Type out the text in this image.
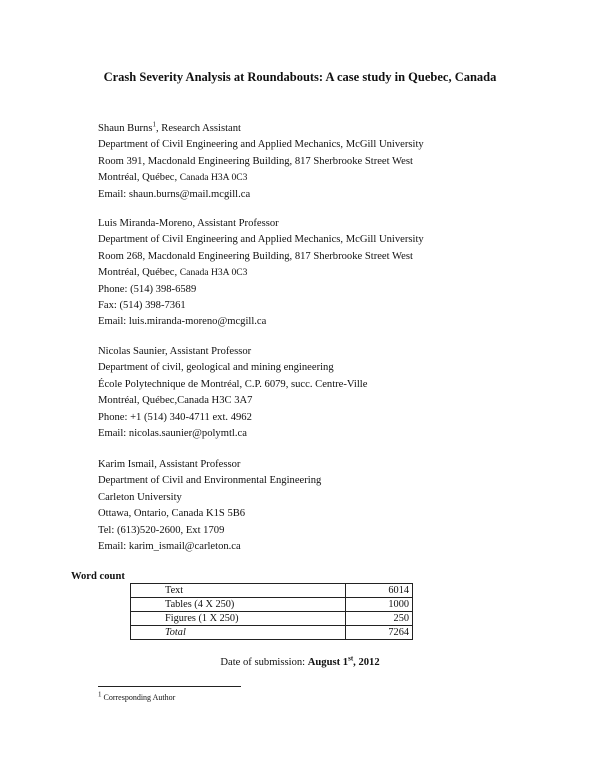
Crash Severity Analysis at Roundabouts: A case study in Quebec, Canada
Shaun Burns$^1$, Research Assistant
Department of Civil Engineering and Applied Mechanics, McGill University
Room 391, Macdonald Engineering Building, 817 Sherbrooke Street West
Montréal, Québec, Canada H3A 0C3
Email: shaun.burns@mail.mcgill.ca
Luis Miranda-Moreno, Assistant Professor
Department of Civil Engineering and Applied Mechanics, McGill University
Room 268, Macdonald Engineering Building, 817 Sherbrooke Street West
Montréal, Québec, Canada H3A 0C3
Phone: (514) 398-6589
Fax: (514) 398-7361
Email: luis.miranda-moreno@mcgill.ca
Nicolas Saunier, Assistant Professor
Department of civil, geological and mining engineering
École Polytechnique de Montréal, C.P. 6079, succ. Centre-Ville
Montréal, Québec,Canada H3C 3A7
Phone: +1 (514) 340-4711 ext. 4962
Email: nicolas.saunier@polymtl.ca
Karim Ismail, Assistant Professor
Department of Civil and Environmental Engineering
Carleton University
Ottawa, Ontario, Canada K1S 5B6
Tel: (613)520-2600, Ext 1709
Email: karim_ismail@carleton.ca
Word count
Text	6014
Tables (4 X 250)	1000
Figures (1 X 250)	250
Total	7264
Date of submission: August 1st, 2012
$^1$ Corresponding Author
